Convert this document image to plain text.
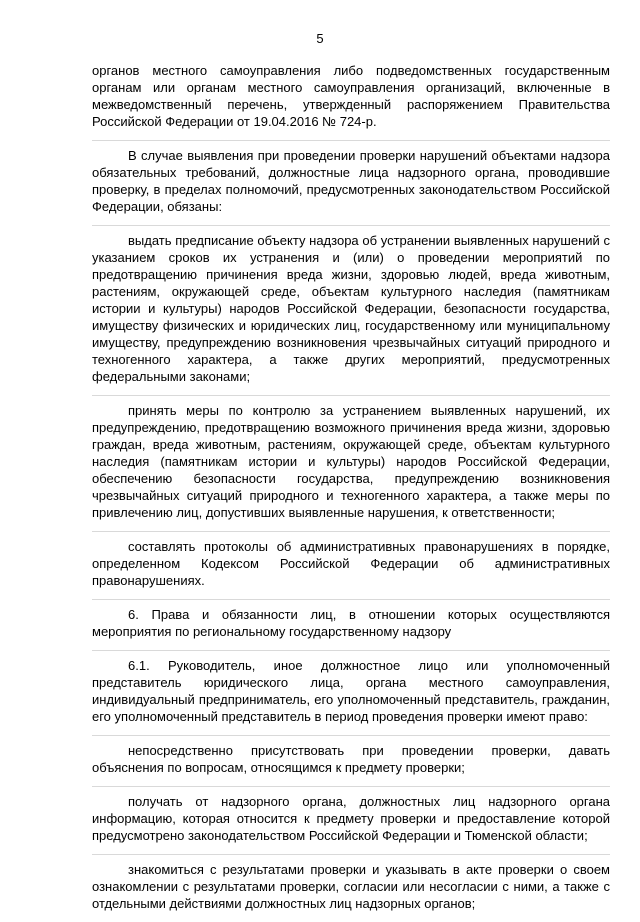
5

органов местного самоуправления либо подведомственных государственным органам или органам местного самоуправления организаций, включенные в межведомственный перечень, утвержденный распоряжением Правительства Российской Федерации от 19.04.2016 № 724-р.

В случае выявления при проведении проверки нарушений объектами надзора обязательных требований, должностные лица надзорного органа, проводившие проверку, в пределах полномочий, предусмотренных законодательством Российской Федерации, обязаны:

выдать предписание объекту надзора об устранении выявленных нарушений с указанием сроков их устранения и (или) о проведении мероприятий по предотвращению причинения вреда жизни, здоровью людей, вреда животным, растениям, окружающей среде, объектам культурного наследия (памятникам истории и культуры) народов Российской Федерации, безопасности государства, имуществу физических и юридических лиц, государственному или муниципальному имуществу, предупреждению возникновения чрезвычайных ситуаций природного и техногенного характера, а также других мероприятий, предусмотренных федеральными законами;

принять меры по контролю за устранением выявленных нарушений, их предупреждению, предотвращению возможного причинения вреда жизни, здоровью граждан, вреда животным, растениям, окружающей среде, объектам культурного наследия (памятникам истории и культуры) народов Российской Федерации, обеспечению безопасности государства, предупреждению возникновения чрезвычайных ситуаций природного и техногенного характера, а также меры по привлечению лиц, допустивших выявленные нарушения, к ответственности;

составлять протоколы об административных правонарушениях в порядке, определенном Кодексом Российской Федерации об административных правонарушениях.

6. Права и обязанности лиц, в отношении которых осуществляются мероприятия по региональному государственному надзору

6.1. Руководитель, иное должностное лицо или уполномоченный представитель юридического лица, органа местного самоуправления, индивидуальный предприниматель, его уполномоченный представитель, гражданин, его уполномоченный представитель в период проведения проверки имеют право:

непосредственно присутствовать при проведении проверки, давать объяснения по вопросам, относящимся к предмету проверки;

получать от надзорного органа, должностных лиц надзорного органа информацию, которая относится к предмету проверки и предоставление которой предусмотрено законодательством Российской Федерации и Тюменской области;

знакомиться с результатами проверки и указывать в акте проверки о своем ознакомлении с результатами проверки, согласии или несогласии с ними, а также с отдельными действиями должностных лиц надзорных органов;
